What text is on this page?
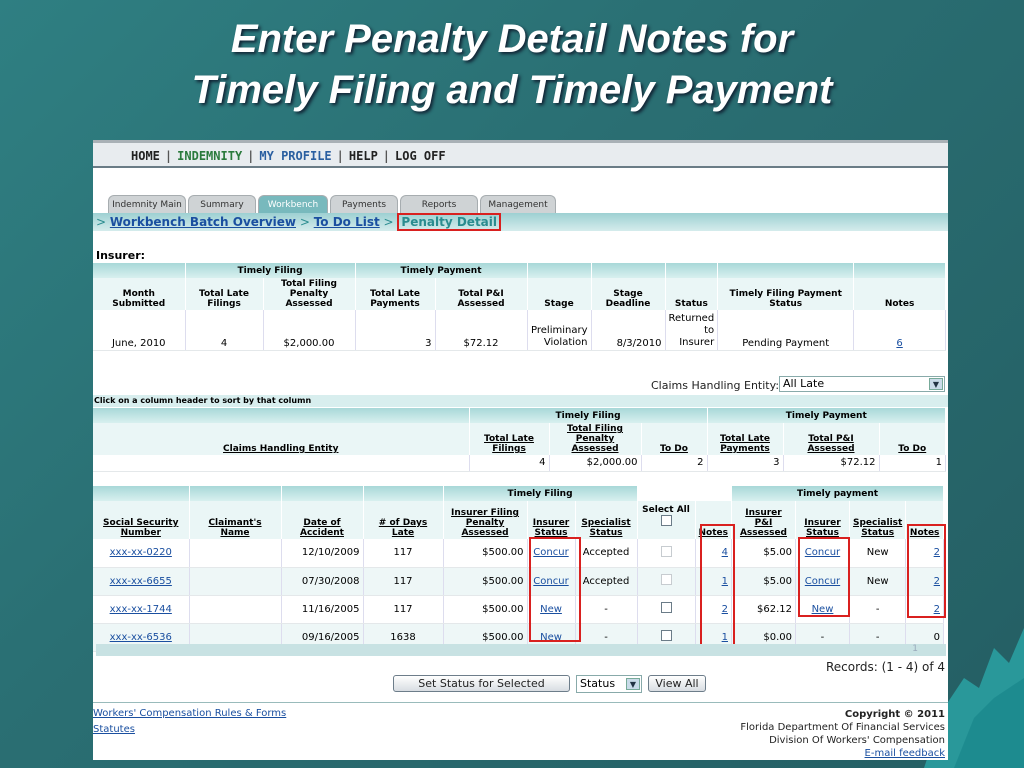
Enter Penalty Detail Notes for
Timely Filing and Timely Payment
HOME | INDEMNITY | MY PROFILE | HELP | LOG OFF
Indemnity Main	Summary	Workbench	Payments	Reports	Management
> Workbench Batch Overview > To Do List > Penalty Detail
Insurer:
	Timely Filing		Timely Payment						
Month Submitted	Total Late Filings	Total Filing Penalty Assessed	Total Late Payments	Total P&I Assessed	Stage	Stage Deadline	Status	Timely Filing Payment Status	Notes
June, 2010	4	$2,000.00	3	$72.12	Preliminary Violation	8/3/2010	Returned to Insurer	Pending Payment	6
Claims Handling Entity: All Late	▼
Click on a column header to sort by that column
	Timely Filing			Timely Payment		
Claims Handling Entity	Total Late Filings	Total Filing Penalty Assessed	To Do	Total Late Payments	Total P&I Assessed	To Do
	4	$2,000.00	2	3	$72.12	1
				Timely Filing					Timely payment			
Social Security Number	Claimant's Name	Date of Accident	# of Days Late	Insurer Filing Penalty Assessed	Insurer Status	Specialist Status	Select All	Notes	Insurer P&I Assessed	Insurer Status	Specialist Status	Notes
xxx-xx-0220		12/10/2009	117	$500.00	Concur	Accepted		4	$5.00	Concur	New	2
xxx-xx-6655		07/30/2008	117	$500.00	Concur	Accepted		1	$5.00	Concur	New	2
xxx-xx-1744		11/16/2005	117	$500.00	New	-		2	$62.12	New	-	2
xxx-xx-6536		09/16/2005	1638	$500.00	New	-		1	$0.00	-	-	0
1
Records: (1 - 4) of 4
Set Status for Selected	Status	▼	View All
Workers' Compensation Rules & Forms
Statutes
Copyright © 2011
Florida Department Of Financial Services
Division Of Workers' Compensation
E-mail feedback
